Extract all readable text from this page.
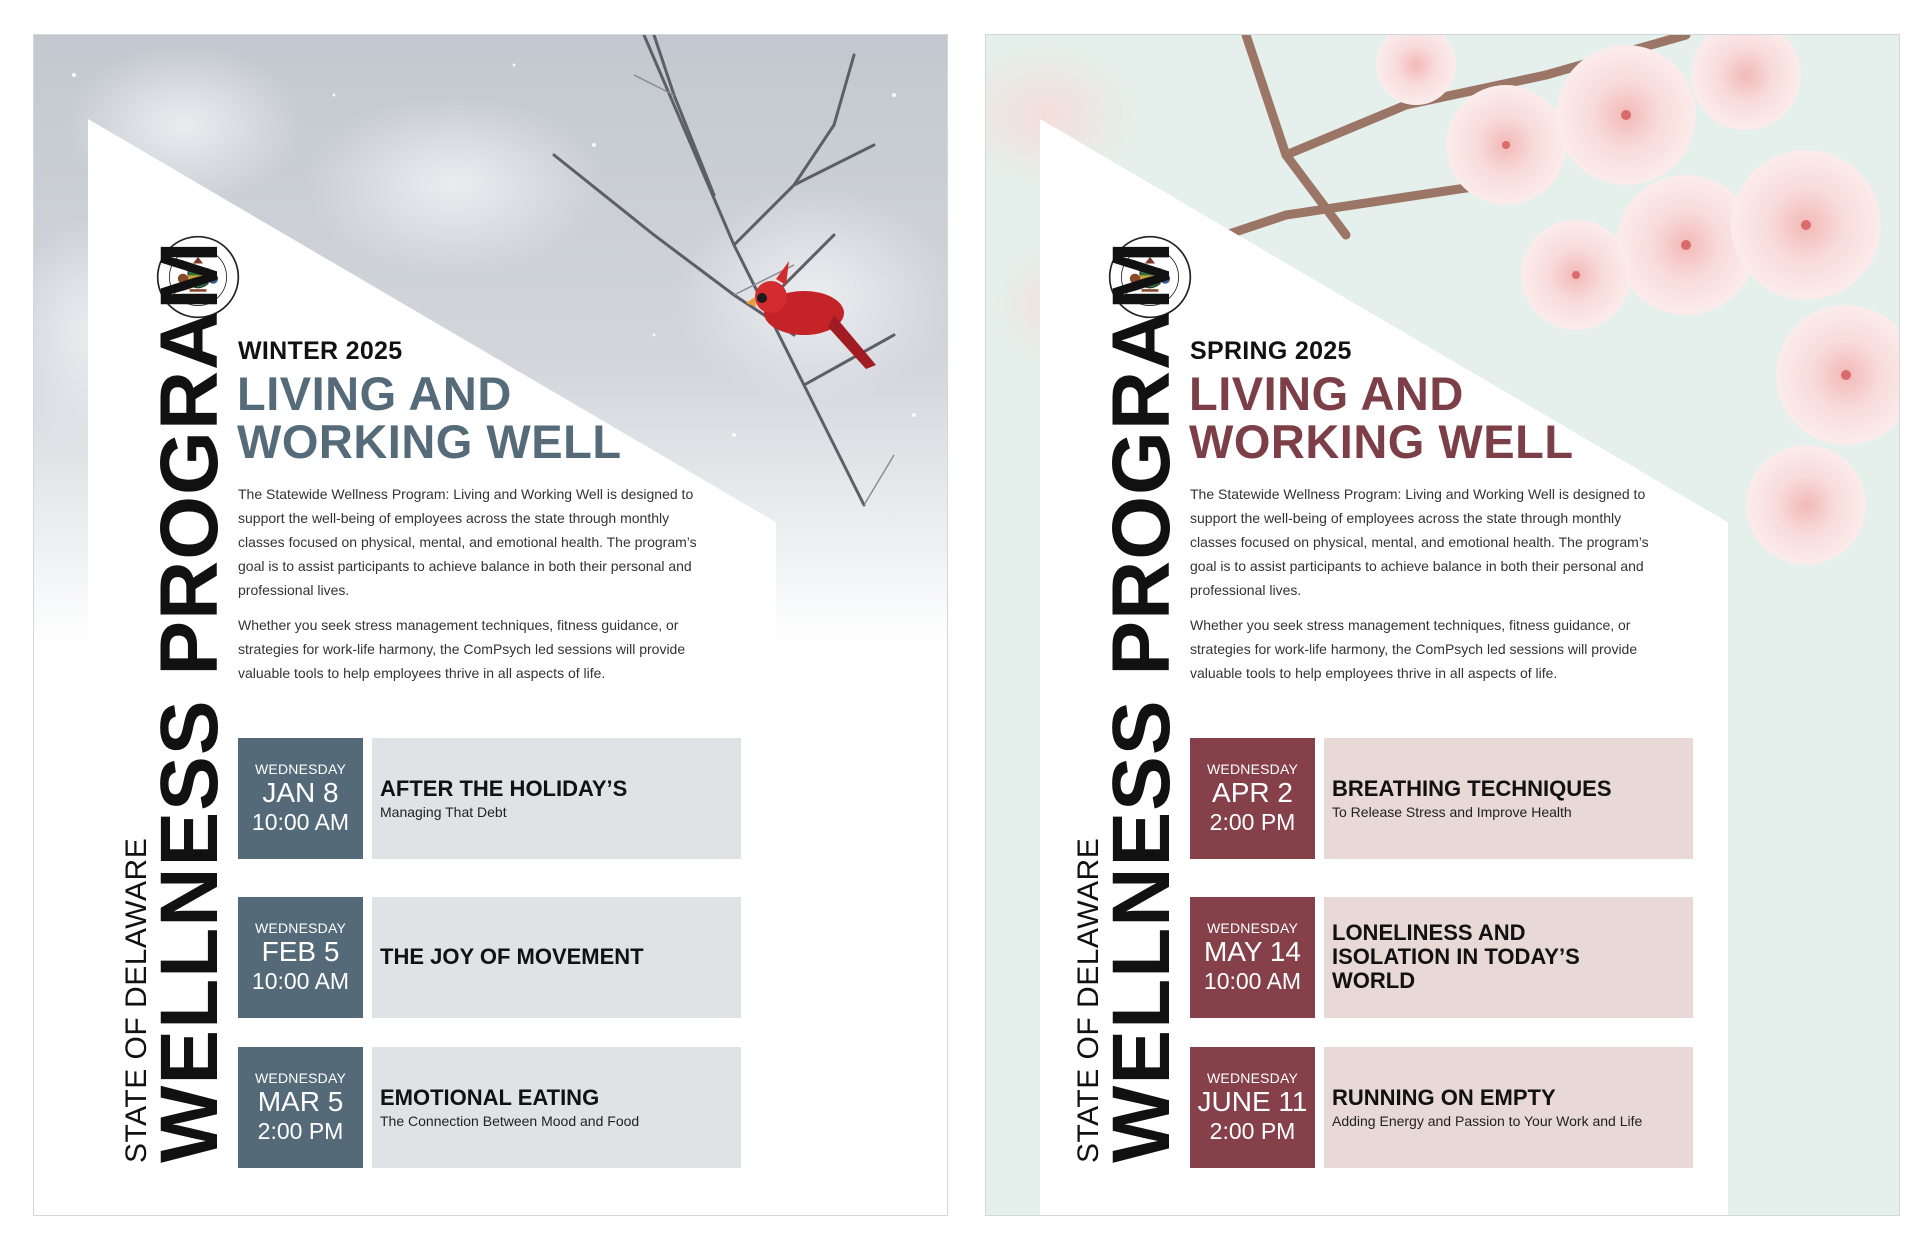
STATE OF DELAWARE
WELLNESS PROGRAM WINTER 2025
LIVING AND
WORKING WELL

The Statewide Wellness Program: Living and Working Well is designed to support the well-being of employees across the state through monthly classes focused on physical, mental, and emotional health. The program’s goal is to assist participants to achieve balance in both their personal and professional lives.

Whether you seek stress management techniques, fitness guidance, or strategies for work-life harmony, the ComPsych led sessions will provide valuable tools to help employees thrive in all aspects of life.

WEDNESDAY
JAN 8
10:00 AM
AFTER THE HOLIDAY’S
Managing That Debt
WEDNESDAY
FEB 5
10:00 AM
THE JOY OF MOVEMENT
WEDNESDAY
MAR 5
2:00 PM
EMOTIONAL EATING
The Connection Between Mood and Food	STATE OF DELAWARE
WELLNESS PROGRAM SPRING 2025
LIVING AND
WORKING WELL

The Statewide Wellness Program: Living and Working Well is designed to support the well-being of employees across the state through monthly classes focused on physical, mental, and emotional health. The program’s goal is to assist participants to achieve balance in both their personal and professional lives.

Whether you seek stress management techniques, fitness guidance, or strategies for work-life harmony, the ComPsych led sessions will provide valuable tools to help employees thrive in all aspects of life.

WEDNESDAY
APR 2
2:00 PM
BREATHING TECHNIQUES
To Release Stress and Improve Health
WEDNESDAY
MAY 14
10:00 AM
LONELINESS AND ISOLATION IN TODAY’S WORLD
WEDNESDAY
JUNE 11
2:00 PM
RUNNING ON EMPTY
Adding Energy and Passion to Your Work and Life
